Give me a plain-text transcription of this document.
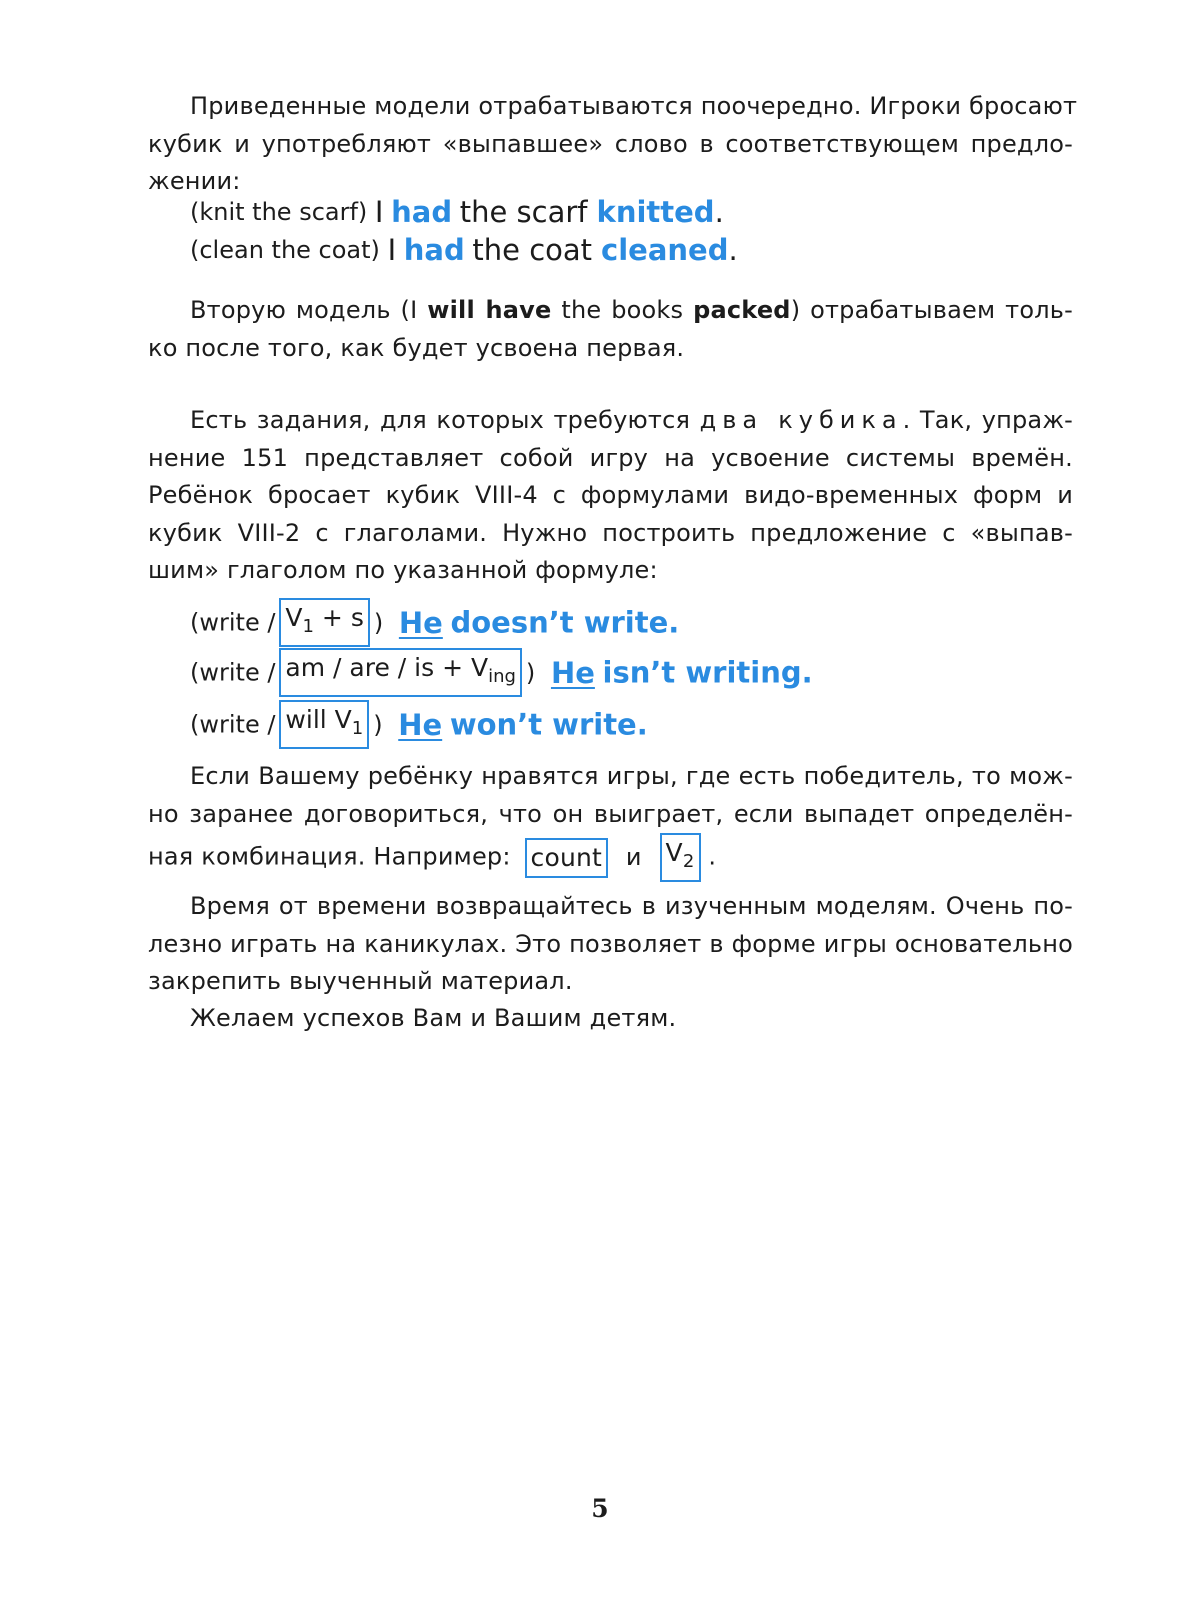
Приведенные модели отрабатываются поочередно. Игроки бросают
кубик и употребляют «выпавшее» слово в соответствующем предло-
жении:
(knit the scarf) I had the scarf knitted.
(clean the coat) I had the coat cleaned.
Вторую модель (I will have the books packed) отрабатываем толь-
ко после того, как будет усвоена первая.
Есть задания, для которых требуются два кубика. Так, упраж-
нение 151 представляет собой игру на усвоение системы времён.
Ребёнок бросает кубик VIII-4 с формулами видо-временных форм и
кубик VIII-2 с глаголами. Нужно построить предложение с «выпав-
шим» глаголом по указанной формуле:
(write / $V_1 + s$ ) He doesn’t write.
(write / am / are / is + $V_{ing}$ ) He isn’t writing.
(write / will $V_1$ ) He won’t write.
Если Вашему ребёнку нравятся игры, где есть победитель, то мож-
но заранее договориться, что он выиграет, если выпадет определён-
ная комбинация. Например: count и $V_2$ .
Время от времени возвращайтесь в изученным моделям. Очень по-
лезно играть на каникулах. Это позволяет в форме игры основательно
закрепить выученный материал.
Желаем успехов Вам и Вашим детям.
5
